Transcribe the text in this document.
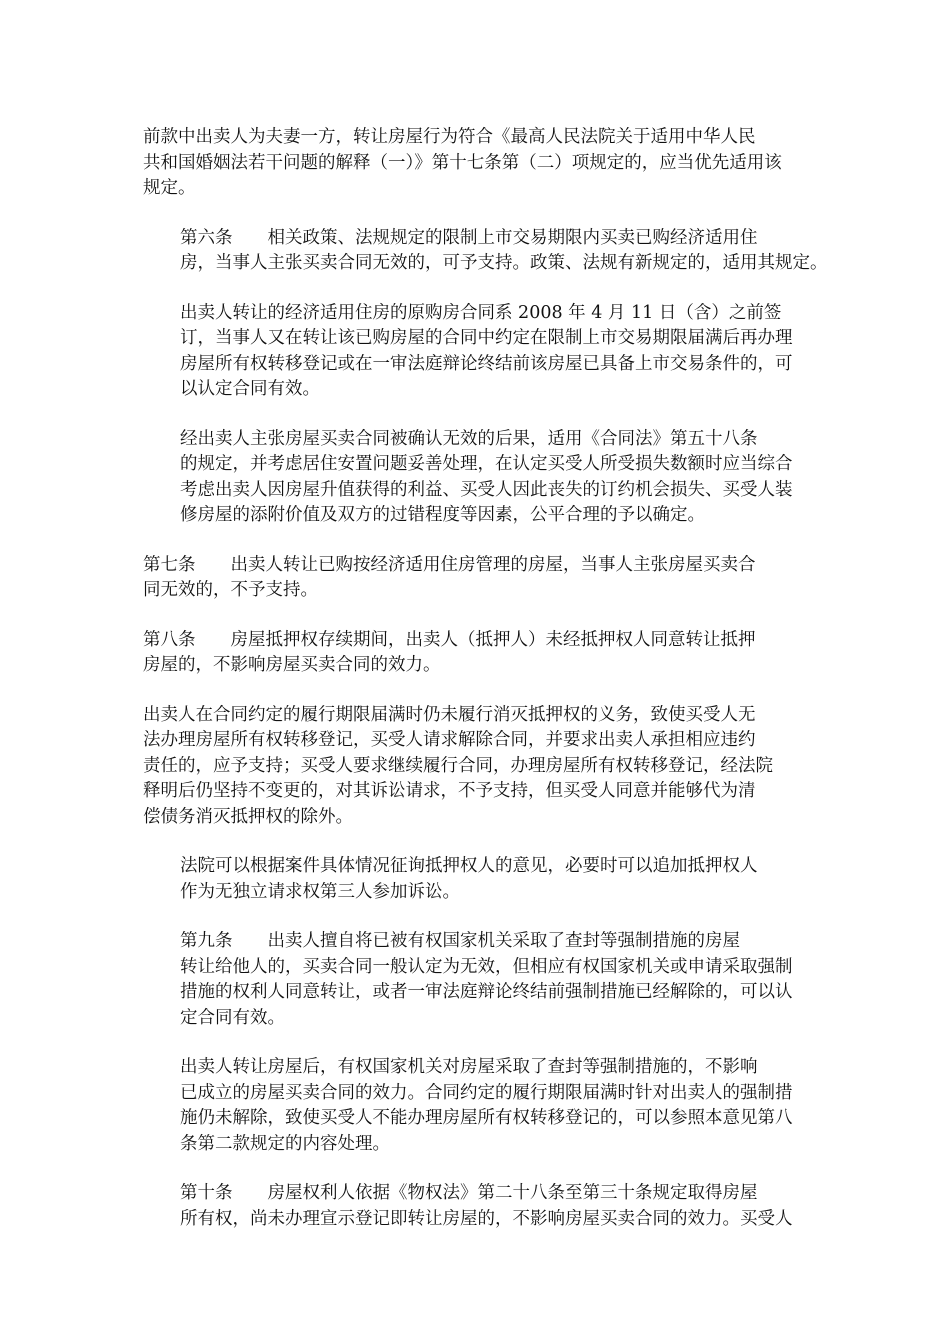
前款中出卖人为夫妻一方，转让房屋行为符合《最高人民法院关于适用中华人民
共和国婚姻法若干问题的解释（一）》第十七条第（二）项规定的，应当优先适用该
规定。

第六条　　相关政策、法规规定的限制上市交易期限内买卖已购经济适用住
房，当事人主张买卖合同无效的，可予支持。政策、法规有新规定的，适用其规定。

出卖人转让的经济适用住房的原购房合同系 2008 年 4 月 11 日（含）之前签
订，当事人又在转让该已购房屋的合同中约定在限制上市交易期限届满后再办理
房屋所有权转移登记或在一审法庭辩论终结前该房屋已具备上市交易条件的，可
以认定合同有效。

经出卖人主张房屋买卖合同被确认无效的后果，适用《合同法》第五十八条
的规定，并考虑居住安置问题妥善处理，在认定买受人所受损失数额时应当综合
考虑出卖人因房屋升值获得的利益、买受人因此丧失的订约机会损失、买受人装
修房屋的添附价值及双方的过错程度等因素，公平合理的予以确定。

第七条　　出卖人转让已购按经济适用住房管理的房屋，当事人主张房屋买卖合
同无效的，不予支持。

第八条　　房屋抵押权存续期间，出卖人（抵押人）未经抵押权人同意转让抵押
房屋的，不影响房屋买卖合同的效力。

出卖人在合同约定的履行期限届满时仍未履行消灭抵押权的义务，致使买受人无
法办理房屋所有权转移登记，买受人请求解除合同，并要求出卖人承担相应违约
责任的，应予支持；买受人要求继续履行合同，办理房屋所有权转移登记，经法院
释明后仍坚持不变更的，对其诉讼请求，不予支持，但买受人同意并能够代为清
偿债务消灭抵押权的除外。

法院可以根据案件具体情况征询抵押权人的意见，必要时可以追加抵押权人
作为无独立请求权第三人参加诉讼。

第九条　　出卖人擅自将已被有权国家机关采取了查封等强制措施的房屋
转让给他人的，买卖合同一般认定为无效，但相应有权国家机关或申请采取强制
措施的权利人同意转让，或者一审法庭辩论终结前强制措施已经解除的，可以认
定合同有效。

出卖人转让房屋后，有权国家机关对房屋采取了查封等强制措施的，不影响
已成立的房屋买卖合同的效力。合同约定的履行期限届满时针对出卖人的强制措
施仍未解除，致使买受人不能办理房屋所有权转移登记的，可以参照本意见第八
条第二款规定的内容处理。

第十条　　房屋权利人依据《物权法》第二十八条至第三十条规定取得房屋
所有权，尚未办理宣示登记即转让房屋的，不影响房屋买卖合同的效力。买受人
